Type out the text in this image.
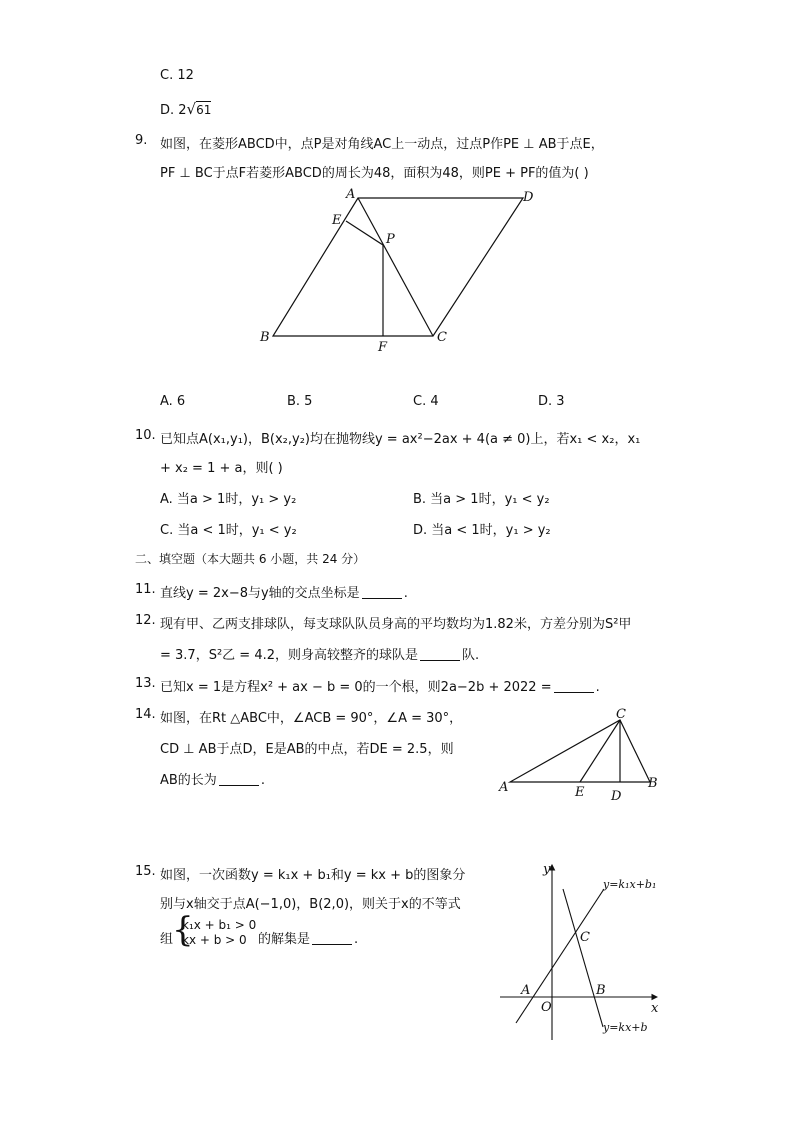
C. 12
D. 2√61
9. 如图，在菱形ABCD中，点P是对角线AC上一动点，过点P作PE ⊥ AB于点E，
PF ⊥ BC于点F若菱形ABCD的周长为48，面积为48，则PE + PF的值为( )
A	D
E
P
B
F
C
A. 6	B. 5	C. 4	D. 3
10. 已知点A(x₁,y₁)，B(x₂,y₂)均在抛物线y = ax²−2ax + 4(a ≠ 0)上，若x₁ < x₂，x₁
+ x₂ = 1 + a，则( )
A. 当a > 1时，y₁ > y₂	B. 当a > 1时，y₁ < y₂
C. 当a < 1时，y₁ < y₂	D. 当a < 1时，y₁ > y₂
二、填空题（本大题共 6 小题，共 24 分）
11. 直线y = 2x−8与y轴的交点坐标是	.
12. 现有甲、乙两支排球队，每支球队队员身高的平均数均为1.82米，方差分别为S²甲
= 3.7，S²乙 = 4.2，则身高较整齐的球队是	队.
13. 已知x = 1是方程x² + ax − b = 0的一个根，则2a−2b + 2022 =	.
14. 如图，在Rt △ABC中，∠ACB = 90°，∠A = 30°，
CD ⊥ AB于点D，E是AB的中点，若DE = 2.5，则
AB的长为	.
C
A	E D
B
15. 如图，一次函数y = k₁x + b₁和y = kx + b的图象分
别与x轴交于点A(−1,0)，B(2,0)，则关于x的不等式
组
{
k₁x + b₁ > 0
kx + b > 0 的解集是	.
y
x
A	B
C
O
y=k₁x+b₁
y=kx+b
